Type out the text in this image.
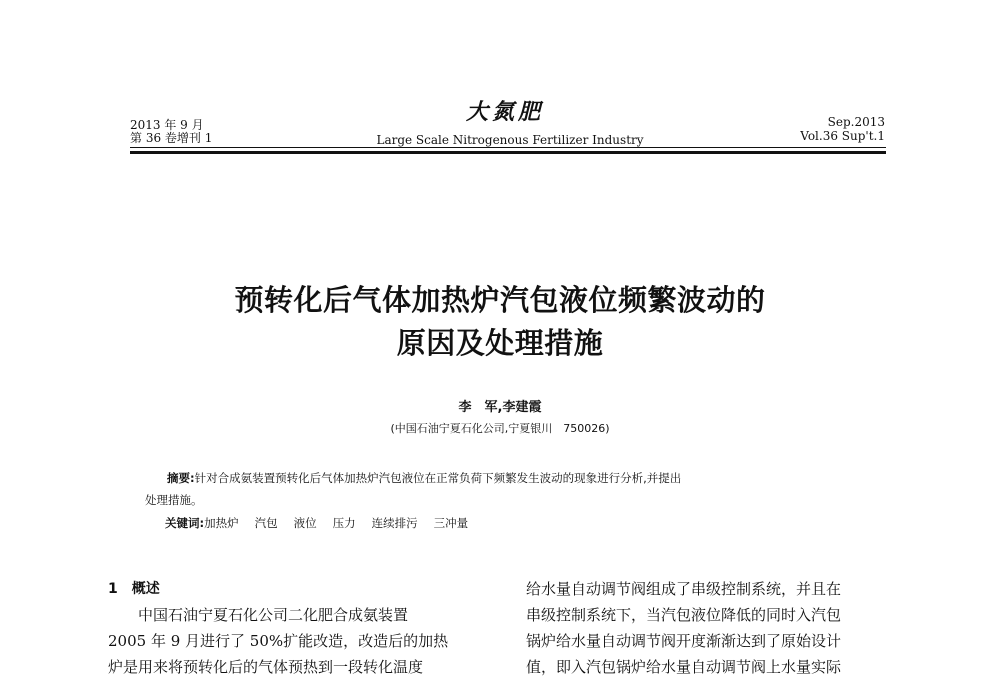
2013 年 9 月
第 36 卷增刊 1
大氮肥
Large Scale Nitrogenous Fertilizer Industry
Sep.2013
Vol.36 Sup't.1
预转化后气体加热炉汽包液位频繁波动的
原因及处理措施
李　军,李建霞
(中国石油宁夏石化公司,宁夏银川　750026)
摘要:针对合成氨装置预转化后气体加热炉汽包液位在正常负荷下频繁发生波动的现象进行分析,并提出
处理措施。
关键词:加热炉 汽包 液位 压力 连续排污 三冲量

1 概述

中国石油宁夏石化公司二化肥合成氨装置

2005 年 9 月进行了 50%扩能改造，改造后的加热

炉是用来将预转化后的气体预热到一段转化温度

给水量自动调节阀组成了串级控制系统，并且在

串级控制系统下，当汽包液位降低的同时入汽包

锅炉给水量自动调节阀开度渐渐达到了原始设计

值，即入汽包锅炉给水量自动调节阀上水量实际
